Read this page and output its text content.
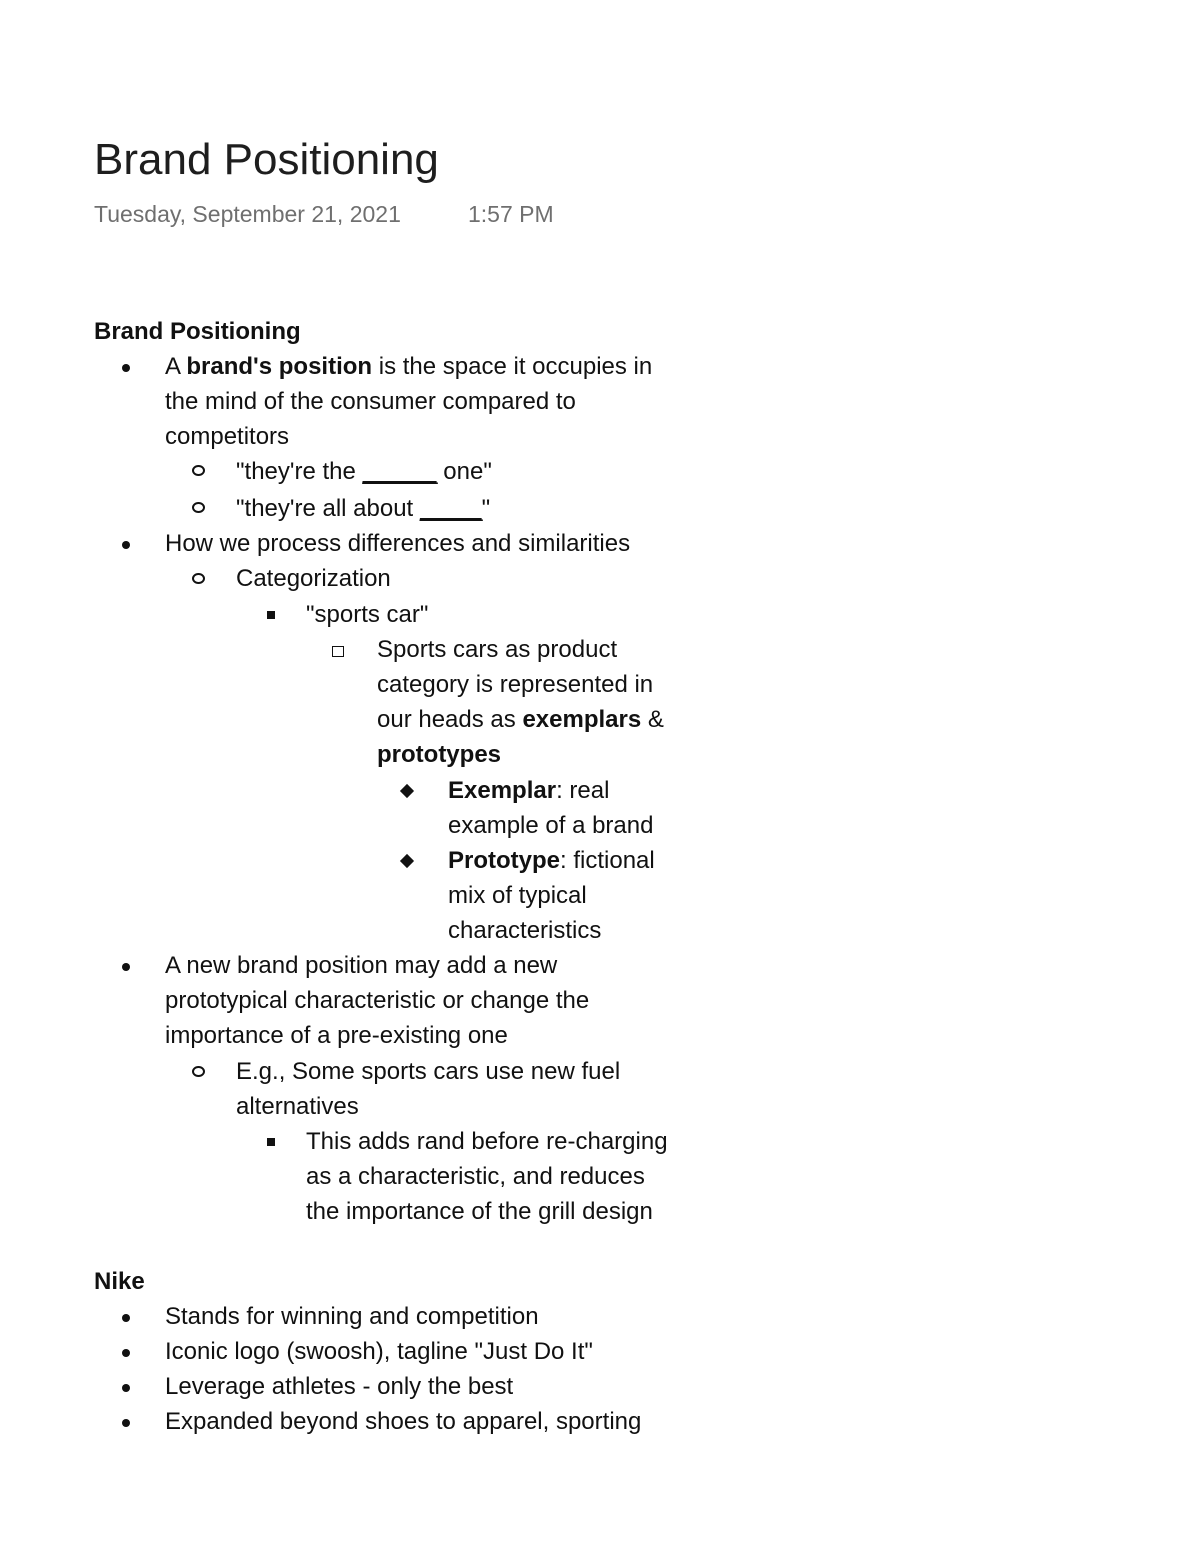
Brand Positioning
Tuesday, September 21, 2021	1:57 PM
Brand Positioning
A brand's position is the space it occupies in
the mind of the consumer compared to
competitors
"they're the ______ one"
"they're all about _____"
How we process differences and similarities
Categorization
"sports car"
Sports cars as product
category is represented in
our heads as exemplars &
prototypes
Exemplar: real
example of a brand
Prototype: fictional
mix of typical
characteristics
A new brand position may add a new
prototypical characteristic or change the
importance of a pre-existing one
E.g., Some sports cars use new fuel
alternatives
This adds rand before re-charging
as a characteristic, and reduces
the importance of the grill design
Nike
Stands for winning and competition
Iconic logo (swoosh), tagline "Just Do It"
Leverage athletes - only the best
Expanded beyond shoes to apparel, sporting
